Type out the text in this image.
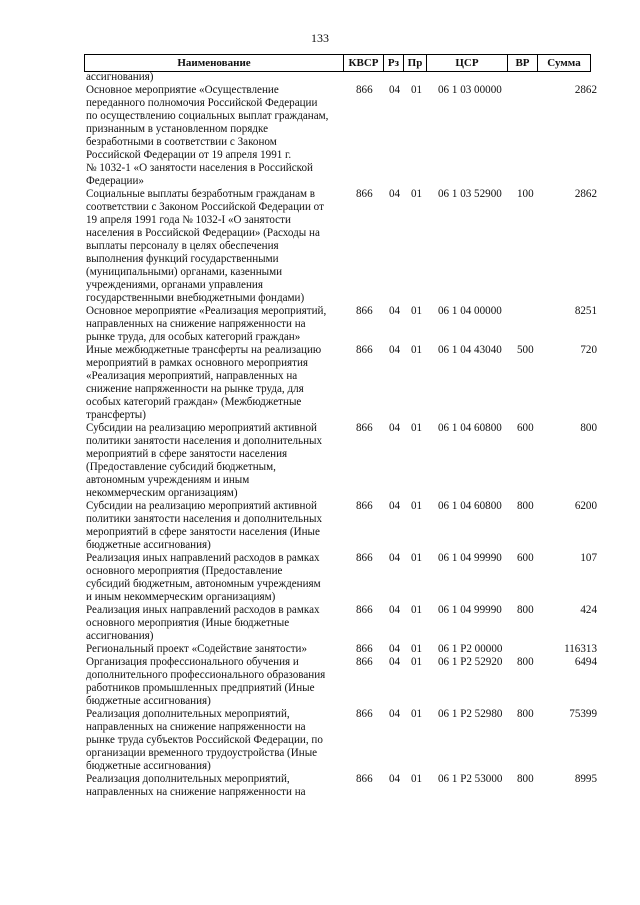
133
Наименование	КВСР Рз Пр	ЦСР	ВР	Сумма
ассигнования)
Основное мероприятие «Осуществление
переданного полномочия Российской Федерации
по осуществлению социальных выплат гражданам,
признанным в установленном порядке
безработными в соответствии с Законом
Российской Федерации от 19 апреля 1991 г.
№ 1032-1 «О занятости населения в Российской
Федерации»
866 04 01 06 1 03 00000	2862
Социальные выплаты безработным гражданам в
соответствии с Законом Российской Федерации от
19 апреля 1991 года № 1032-I «О занятости
населения в Российской Федерации» (Расходы на
выплаты персоналу в целях обеспечения
выполнения функций государственными
(муниципальными) органами, казенными
учреждениями, органами управления
государственными внебюджетными фондами)
866 04 01 06 1 03 52900 100	2862
Основное мероприятие «Реализация мероприятий,
направленных на снижение напряженности на
рынке труда, для особых категорий граждан»
866 04 01 06 1 04 00000	8251
Иные межбюджетные трансферты на реализацию
мероприятий в рамках основного мероприятия
«Реализация мероприятий, направленных на
снижение напряженности на рынке труда, для
особых категорий граждан» (Межбюджетные
трансферты)
866 04 01 06 1 04 43040 500	720
Субсидии на реализацию мероприятий активной
политики занятости населения и дополнительных
мероприятий в сфере занятости населения
(Предоставление субсидий бюджетным,
автономным учреждениям и иным
некоммерческим организациям)
866 04 01 06 1 04 60800 600	800
Субсидии на реализацию мероприятий активной
политики занятости населения и дополнительных
мероприятий в сфере занятости населения (Иные
бюджетные ассигнования)
866 04 01 06 1 04 60800 800	6200
Реализация иных направлений расходов в рамках
основного мероприятия (Предоставление
субсидий бюджетным, автономным учреждениям
и иным некоммерческим организациям)
866 04 01 06 1 04 99990 600	107
Реализация иных направлений расходов в рамках
основного мероприятия (Иные бюджетные
ассигнования)
866 04 01 06 1 04 99990 800	424
Региональный проект «Содействие занятости»	866 04 01 06 1 P2 00000	116313
Организация профессионального обучения и
дополнительного профессионального образования
работников промышленных предприятий (Иные
бюджетные ассигнования)
866 04 01 06 1 P2 52920 800	6494
Реализация дополнительных мероприятий,
направленных на снижение напряженности на
рынке труда субъектов Российской Федерации, по
организации временного трудоустройства (Иные
бюджетные ассигнования)
866 04 01 06 1 P2 52980 800	75399
Реализация дополнительных мероприятий,
направленных на снижение напряженности на
866 04 01 06 1 P2 53000 800	8995
